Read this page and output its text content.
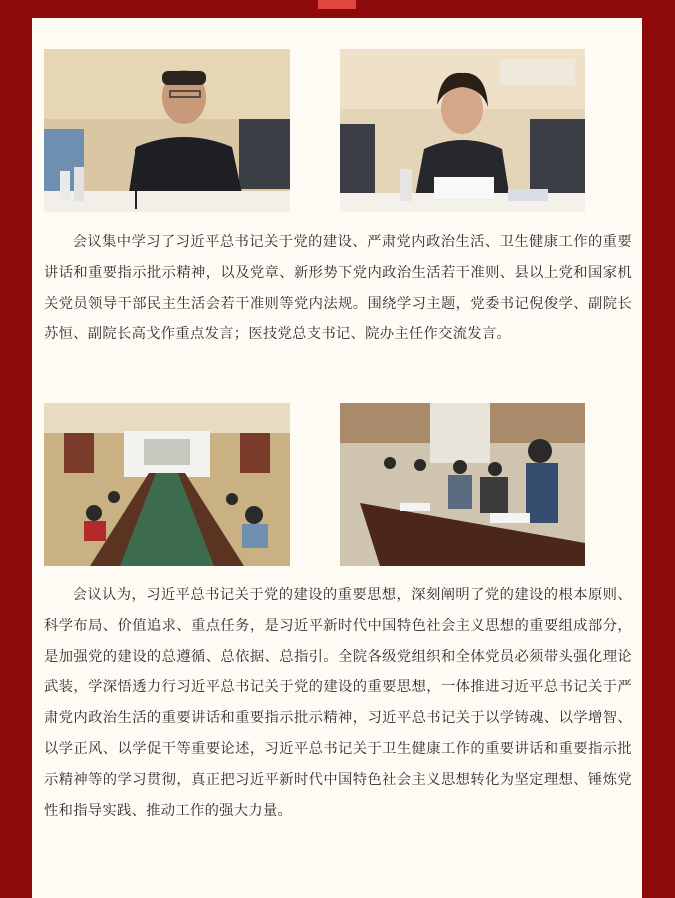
会议集中学习了习近平总书记关于党的建设、严肃党内政治生活、卫生健康工作的重要讲话和重要指示批示精神，以及党章、新形势下党内政治生活若干准则、县以上党和国家机关党员领导干部民主生活会若干准则等党内法规。围绕学习主题，党委书记倪俊学、副院长苏恒、副院长高戈作重点发言；医技党总支书记、院办主任作交流发言。

会议认为，习近平总书记关于党的建设的重要思想，深刻阐明了党的建设的根本原则、科学布局、价值追求、重点任务，是习近平新时代中国特色社会主义思想的重要组成部分，是加强党的建设的总遵循、总依据、总指引。全院各级党组织和全体党员必须带头强化理论武装，学深悟透力行习近平总书记关于党的建设的重要思想，一体推进习近平总书记关于严肃党内政治生活的重要讲话和重要指示批示精神，习近平总书记关于以学铸魂、以学增智、以学正风、以学促干等重要论述，习近平总书记关于卫生健康工作的重要讲话和重要指示批示精神等的学习贯彻，真正把习近平新时代中国特色社会主义思想转化为坚定理想、锤炼党性和指导实践、推动工作的强大力量。
